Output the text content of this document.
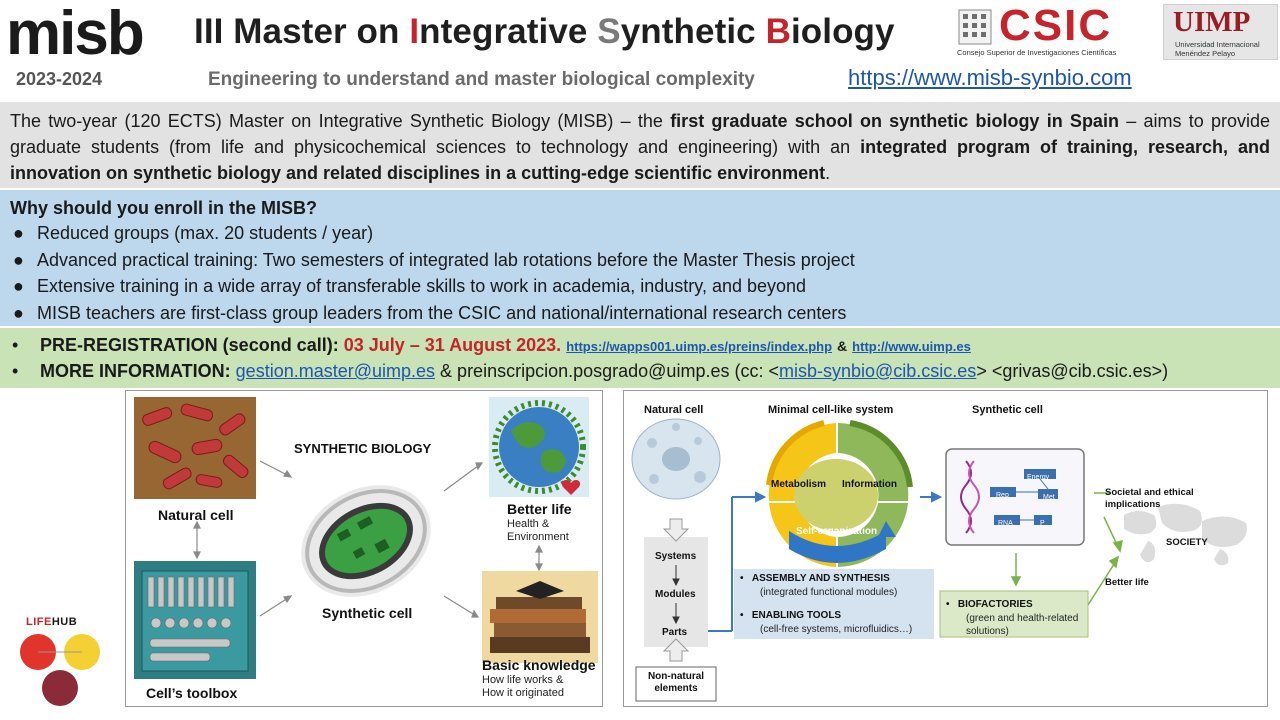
misb III Master on Integrative Synthetic Biology
2023-2024	Engineering to understand and master biological complexity	https://www.misb-synbio.com
CSIC
Consejo Superior de Investigaciones Científicas
UIMP
Universidad Internacional
Menéndez Pelayo
The two-year (120 ECTS) Master on Integrative Synthetic Biology (MISB) – the first graduate school on synthetic biology in Spain – aims to provide graduate students (from life and physicochemical sciences to technology and engineering) with an integrated program of training, research, and innovation on synthetic biology and related disciplines in a cutting-edge scientific environment.
Why should you enroll in the MISB?
● Reduced groups (max. 20 students / year)
● Advanced practical training: Two semesters of integrated lab rotations before the Master Thesis project
● Extensive training in a wide array of transferable skills to work in academia, industry, and beyond
● MISB teachers are first-class group leaders from the CSIC and national/international research centers
• PRE-REGISTRATION (second call): 03 July – 31 August 2023. https://wapps001.uimp.es/preins/index.php & http://www.uimp.es
• MORE INFORMATION: gestion.master@uimp.es & preinscripcion.posgrado@uimp.es (cc: <misb-synbio@cib.csic.es> <grivas@cib.csic.es>)
SYNTHETIC BIOLOGY
Natural cell
Synthetic cell
Cell’s toolbox
Better life
Health &
Environment
Basic knowledge
How life works &
How it originated
Natural cell	Minimal cell-like system	Synthetic cell
Metabolism Information
Self-organization
Systems
Modules
Parts
Non-natural
elements
•   ASSEMBLY AND SYNTHESIS
(integrated functional modules)
•   ENABLING TOOLS
(cell-free systems, microfluidics…)
•   BIOFACTORIES
(green and health-related
solutions)
Energy
Met
Rep
RNA	P
Societal and ethical
implications
SOCIETY
Better life
LIFEHUB
